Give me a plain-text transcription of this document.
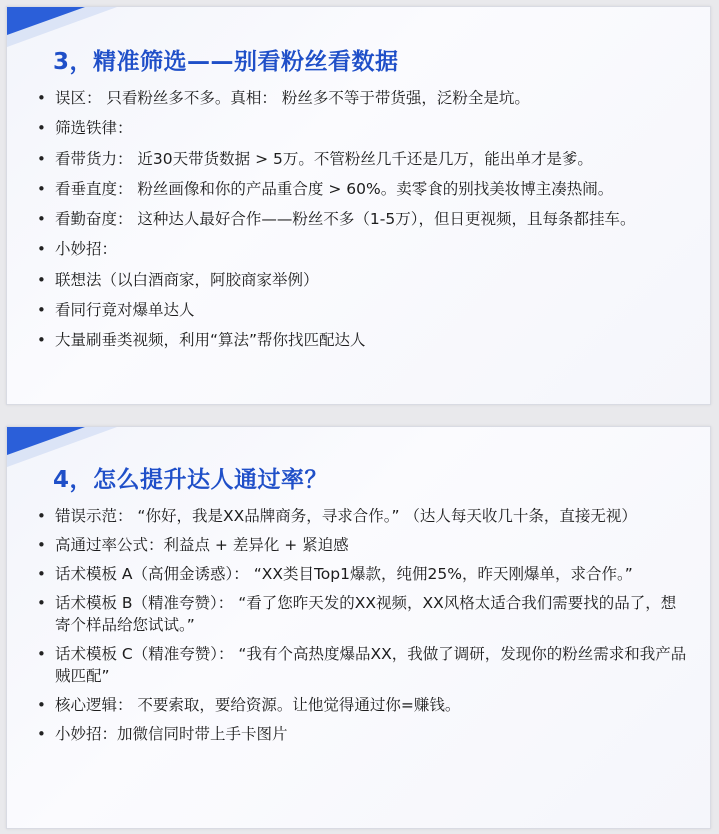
3，精准筛选——别看粉丝看数据
• 误区： 只看粉丝多不多。真相： 粉丝多不等于带货强，泛粉全是坑。
• 筛选铁律：
• 看带货力： 近30天带货数据 > 5万。不管粉丝几千还是几万，能出单才是爹。
• 看垂直度： 粉丝画像和你的产品重合度 > 60%。卖零食的别找美妆博主凑热闹。
• 看勤奋度： 这种达人最好合作——粉丝不多（1-5万），但日更视频，且每条都挂车。
• 小妙招：
• 联想法（以白酒商家，阿胶商家举例）
• 看同行竟对爆单达人
• 大量刷垂类视频，利用“算法”帮你找匹配达人
4，怎么提升达人通过率？
• 错误示范： “你好，我是XX品牌商务，寻求合作。” （达人每天收几十条，直接无视）
• 高通过率公式：利益点 + 差异化 + 紧迫感
• 话术模板 A（高佣金诱惑）： “XX类目Top1爆款，纯佣25%，昨天刚爆单，求合作。”
• 话术模板 B（精准夸赞）： “看了您昨天发的XX视频，XX风格太适合我们需要找的品了，想寄个样品给您试试。”
• 话术模板 C（精准夸赞）： “我有个高热度爆品XX，我做了调研，发现你的粉丝需求和我产品贼匹配”
• 核心逻辑： 不要索取，要给资源。让他觉得通过你=赚钱。
• 小妙招：加微信同时带上手卡图片
